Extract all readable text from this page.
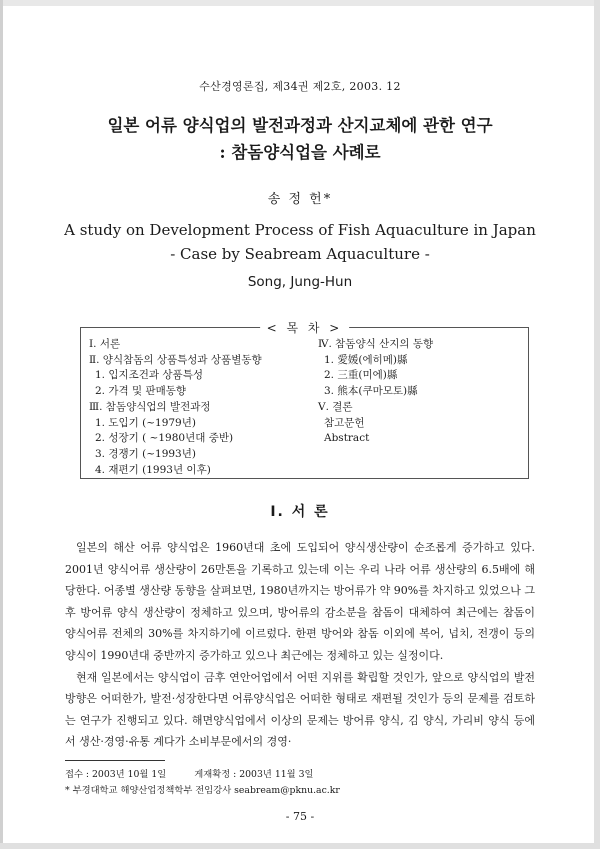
수산경영론집, 제34권 제2호, 2003. 12
일본 어류 양식업의 발전과정과 산지교체에 관한 연구
: 참돔양식업을 사례로
송 정 헌*
A study on Development Process of Fish Aquaculture in Japan
- Case by Seabream Aquaculture -
Song, Jung-Hun
< 목 차 >
Ⅰ. 서론
Ⅱ. 양식참돔의 상품특성과 상품별동향
1. 입지조건과 상품특성
2. 가격 및 판매동향
Ⅲ. 참돔양식업의 발전과정
1. 도입기 (~1979년)
2. 성장기 ( ~1980년대 중반)
3. 경쟁기 (~1993년)
4. 재편기 (1993년 이후)
Ⅳ. 참돔양식 산지의 동향
1. 愛媛(에히메)縣
2. 三重(미에)縣
3. 熊本(쿠마모토)縣
Ⅴ. 결론
참고문헌
Abstract
Ⅰ. 서 론

일본의 해산 어류 양식업은 1960년대 초에 도입되어 양식생산량이 순조롭게 증가하고 있다. 2001년 양식어류 생산량이 26만톤을 기록하고 있는데 이는 우리 나라 어류 생산량의 6.5배에 해당한다. 어종별 생산량 동향을 살펴보면, 1980년까지는 방어류가 약 90%를 차지하고 있었으나 그 후 방어류 양식 생산량이 정체하고 있으며, 방어류의 감소분을 참돔이 대체하여 최근에는 참돔이 양식어류 전체의 30%를 차지하기에 이르렀다. 한편 방어와 참돔 이외에 복어, 넙치, 전갱이 등의 양식이 1990년대 중반까지 증가하고 있으나 최근에는 정체하고 있는 실정이다.

현재 일본에서는 양식업이 금후 연안어업에서 어떤 지위를 확립할 것인가, 앞으로 양식업의 발전방향은 어떠한가, 발전·성장한다면 어류양식업은 어떠한 형태로 재편될 것인가 등의 문제를 검토하는 연구가 진행되고 있다. 해면양식업에서 이상의 문제는 방어류 양식, 김 양식, 가리비 양식 등에서 생산·경영·유통 계다가 소비부문에서의 경영·

접수 : 2003년 10월 1일	게재확정 : 2003년 11월 3일
* 부경대학교 해양산업정책학부 전임강사 seabream@pknu.ac.kr
- 75 -
